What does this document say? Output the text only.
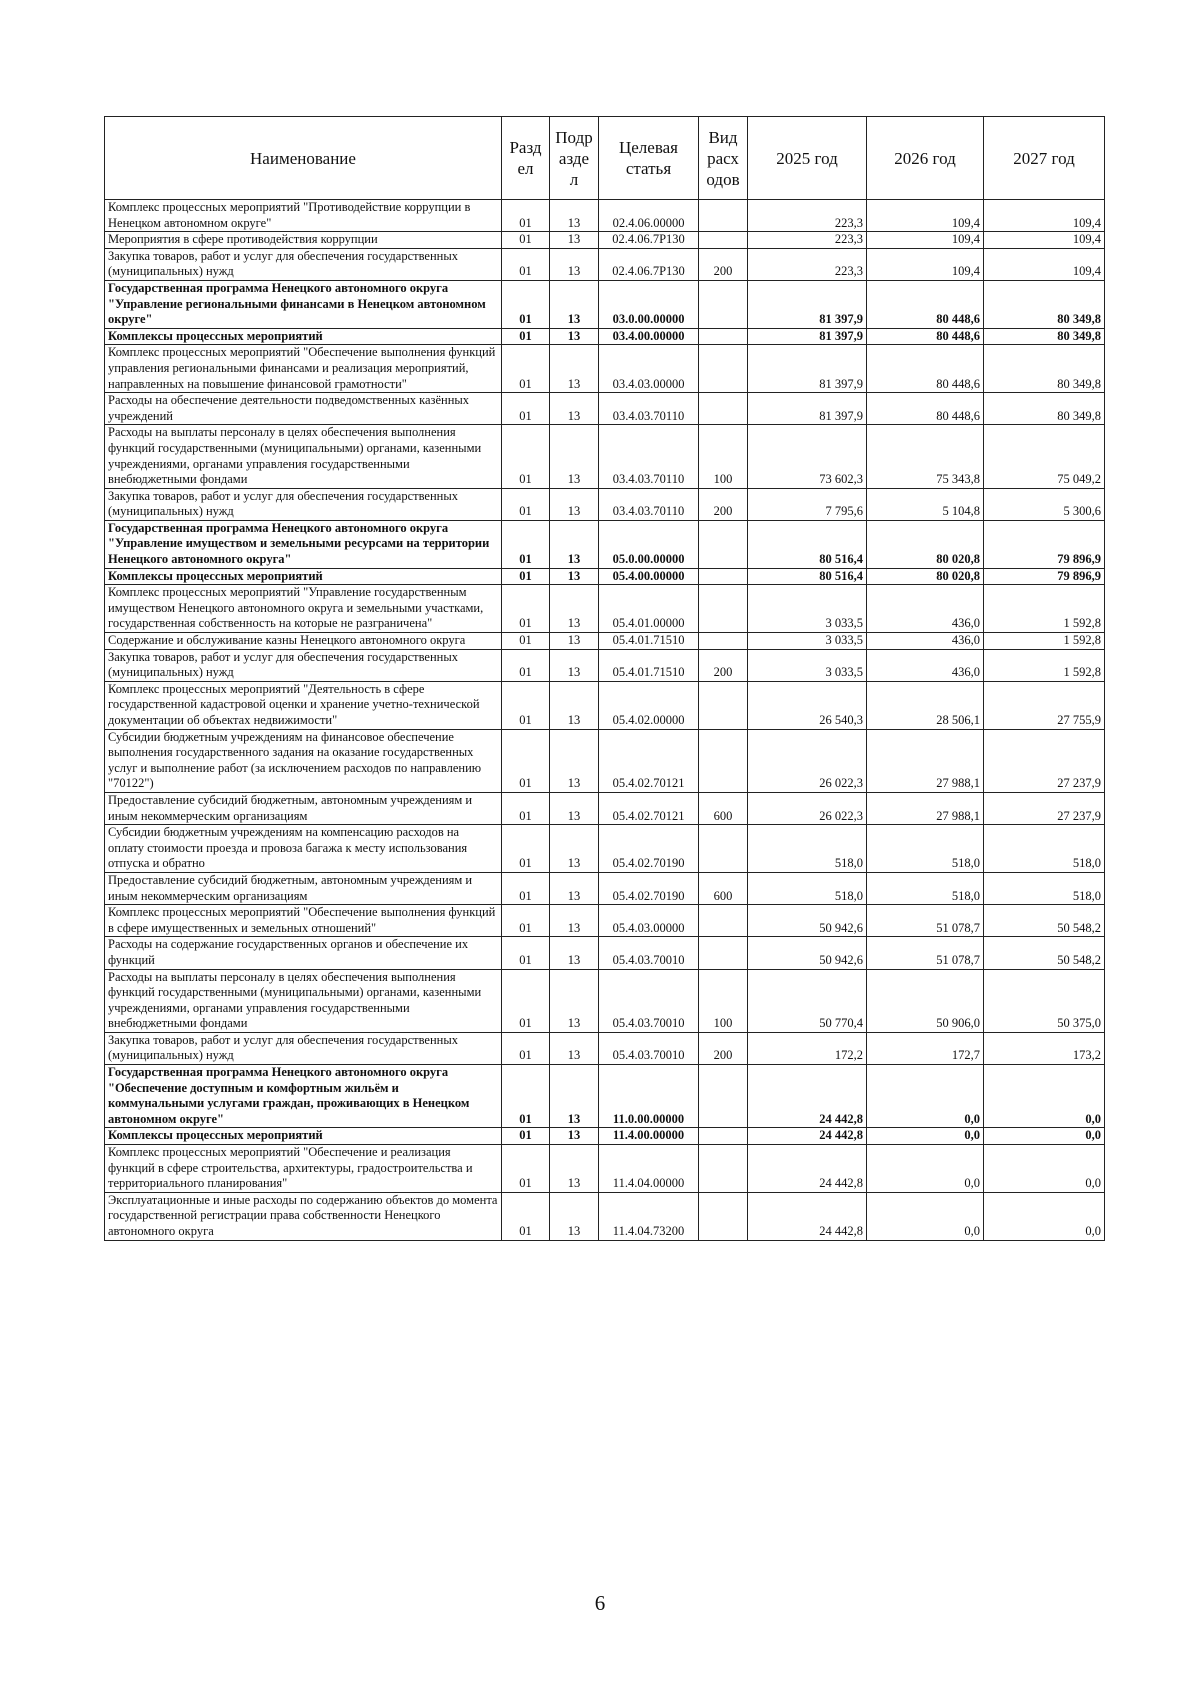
Наименование	Разд ел	Подр азде л	Целевая статья	Вид расх одов	2025 год	2026 год	2027 год
Комплекс процессных мероприятий "Противодействие коррупции в Ненецком автономном округе"	01	13	02.4.06.00000		223,3	109,4	109,4
Мероприятия в сфере противодействия коррупции	01	13	02.4.06.7Р130		223,3	109,4	109,4
Закупка товаров, работ и услуг для обеспечения государственных (муниципальных) нужд	01	13	02.4.06.7Р130	200	223,3	109,4	109,4
Государственная программа Ненецкого автономного округа "Управление региональными финансами в Ненецком автономном округе"	01	13	03.0.00.00000		81 397,9	80 448,6	80 349,8
Комплексы процессных мероприятий	01	13	03.4.00.00000		81 397,9	80 448,6	80 349,8
Комплекс процессных мероприятий "Обеспечение выполнения функций управления региональными финансами и реализация мероприятий, направленных на повышение финансовой грамотности"	01	13	03.4.03.00000		81 397,9	80 448,6	80 349,8
Расходы на обеспечение деятельности подведомственных казённых учреждений	01	13	03.4.03.70110		81 397,9	80 448,6	80 349,8
Расходы на выплаты персоналу в целях обеспечения выполнения функций государственными (муниципальными) органами, казенными учреждениями, органами управления государственными внебюджетными фондами	01	13	03.4.03.70110	100	73 602,3	75 343,8	75 049,2
Закупка товаров, работ и услуг для обеспечения государственных (муниципальных) нужд	01	13	03.4.03.70110	200	7 795,6	5 104,8	5 300,6
Государственная программа Ненецкого автономного округа "Управление имуществом и земельными ресурсами на территории Ненецкого автономного округа"	01	13	05.0.00.00000		80 516,4	80 020,8	79 896,9
Комплексы процессных мероприятий	01	13	05.4.00.00000		80 516,4	80 020,8	79 896,9
Комплекс процессных мероприятий "Управление государственным имуществом Ненецкого автономного округа и земельными участками, государственная собственность на которые не разграничена"	01	13	05.4.01.00000		3 033,5	436,0	1 592,8
Содержание и обслуживание казны Ненецкого автономного округа	01	13	05.4.01.71510		3 033,5	436,0	1 592,8
Закупка товаров, работ и услуг для обеспечения государственных (муниципальных) нужд	01	13	05.4.01.71510	200	3 033,5	436,0	1 592,8
Комплекс процессных мероприятий "Деятельность в сфере государственной кадастровой оценки и хранение учетно-технической документации об объектах недвижимости"	01	13	05.4.02.00000		26 540,3	28 506,1	27 755,9
Субсидии бюджетным учреждениям на финансовое обеспечение выполнения государственного задания на оказание государственных услуг и выполнение работ (за исключением расходов по направлению "70122")	01	13	05.4.02.70121		26 022,3	27 988,1	27 237,9
Предоставление субсидий бюджетным, автономным учреждениям и иным некоммерческим организациям	01	13	05.4.02.70121	600	26 022,3	27 988,1	27 237,9
Субсидии бюджетным учреждениям на компенсацию расходов на оплату стоимости проезда и провоза багажа к месту использования отпуска и обратно	01	13	05.4.02.70190		518,0	518,0	518,0
Предоставление субсидий бюджетным, автономным учреждениям и иным некоммерческим организациям	01	13	05.4.02.70190	600	518,0	518,0	518,0
Комплекс процессных мероприятий "Обеспечение выполнения функций в сфере имущественных и земельных отношений"	01	13	05.4.03.00000		50 942,6	51 078,7	50 548,2
Расходы на содержание государственных органов и обеспечение их функций	01	13	05.4.03.70010		50 942,6	51 078,7	50 548,2
Расходы на выплаты персоналу в целях обеспечения выполнения функций государственными (муниципальными) органами, казенными учреждениями, органами управления государственными внебюджетными фондами	01	13	05.4.03.70010	100	50 770,4	50 906,0	50 375,0
Закупка товаров, работ и услуг для обеспечения государственных (муниципальных) нужд	01	13	05.4.03.70010	200	172,2	172,7	173,2
Государственная программа Ненецкого автономного округа "Обеспечение доступным и комфортным жильём и коммунальными услугами граждан, проживающих в Ненецком автономном округе"	01	13	11.0.00.00000		24 442,8	0,0	0,0
Комплексы процессных мероприятий	01	13	11.4.00.00000		24 442,8	0,0	0,0
Комплекс процессных мероприятий "Обеспечение и реализация функций в сфере строительства, архитектуры, градостроительства и территориального планирования"	01	13	11.4.04.00000		24 442,8	0,0	0,0
Эксплуатационные и иные расходы по содержанию объектов до момента государственной регистрации права собственности Ненецкого автономного округа	01	13	11.4.04.73200		24 442,8	0,0	0,0
6
